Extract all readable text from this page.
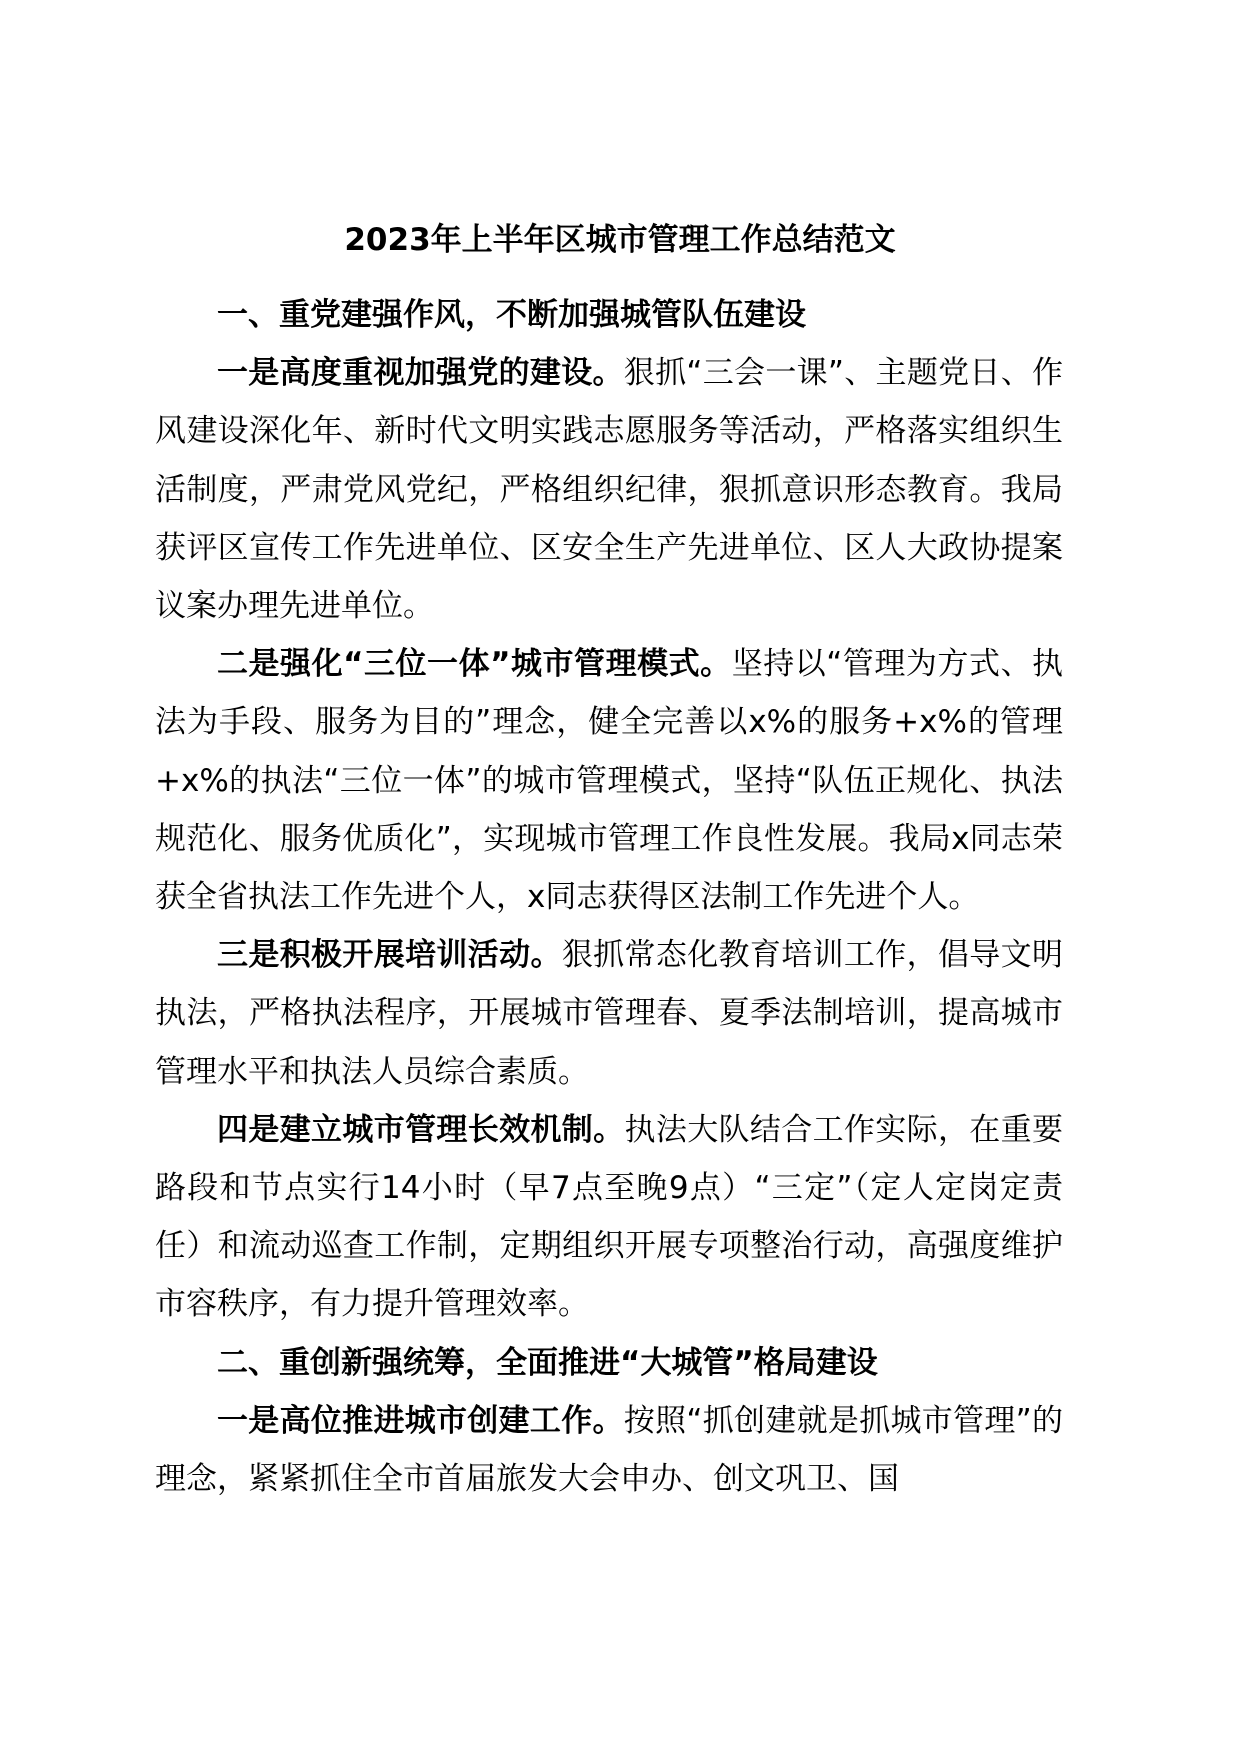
2023年上半年区城市管理工作总结范文
一、重党建强作风，不断加强城管队伍建设

一是高度重视加强党的建设。狠抓“三会一课”、主题党日、作风建设深化年、新时代文明实践志愿服务等活动，严格落实组织生活制度，严肃党风党纪，严格组织纪律，狠抓意识形态教育。我局获评区宣传工作先进单位、区安全生产先进单位、区人大政协提案议案办理先进单位。

二是强化“三位一体”城市管理模式。坚持以“管理为方式、执法为手段、服务为目的”理念，健全完善以x%的服务+x%的管理+x%的执法“三位一体”的城市管理模式，坚持“队伍正规化、执法规范化、服务优质化”，实现城市管理工作良性发展。我局x同志荣获全省执法工作先进个人，x同志获得区法制工作先进个人。

三是积极开展培训活动。狠抓常态化教育培训工作，倡导文明执法，严格执法程序，开展城市管理春、夏季法制培训，提高城市管理水平和执法人员综合素质。

四是建立城市管理长效机制。执法大队结合工作实际，在重要路段和节点实行14小时（早7点至晚9点）“三定”（定人定岗定责任）和流动巡查工作制，定期组织开展专项整治行动，高强度维护市容秩序，有力提升管理效率。

二、重创新强统筹，全面推进“大城管”格局建设

一是高位推进城市创建工作。按照“抓创建就是抓城市管理”的理念，紧紧抓住全市首届旅发大会申办、创文巩卫、国
